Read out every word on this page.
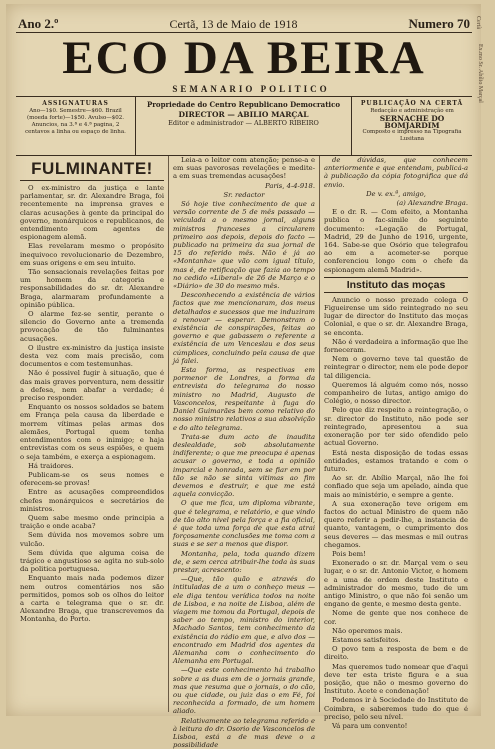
Ano 2.º	Certã, 13 de Maio de 1918	Numero 70
ECO DA BEIRA
SEMANARIO POLITICO
ASSIGNATURAS
Ano—1$0. Semestre—$60. Brazil (moeda forte)—1$50. Avulso—$02.
Anuncios, na 3.ª e 4.ª pagina, 2 centavos a linha ou espaço de linha.
Propriedade do Centro Republicano Democratico
DIRECTOR — ABILIO MARÇAL
Editor e administrador — ALBERTO RIBEIRO
PUBLICAÇÃO NA CERTÃ
Redacção e administração em
SERNACHE DO BOMJARDIM
Composto e impresso na Tipografia Lusitana
FULMINANTE!

O ex-ministro da justiça e lante parlamentar, sr. dr. Alexandre Braga, foi recentemente na imprensa graves e claras acusações à gente da principal do governo, monárquicos e republicanos, de entendimento com agentes de espionagem alemã.

Elas revelaram mesmo o propósito inequivoco revolucionario de Dezembro, em suas origens e em seu intuito.

Tão sensacionais revelações feitas por um homem da categoria e responsabilidades do sr. dr. Alexandre Braga, alarmaram profundamente a opinião pública.

O alarme fez-se sentir, perante o silencio do Governo ante a tremenda provocação de tão fulminantes acusações.

O ilustre ex-ministro da justiça insiste desta vez com mais precisão, com documentos e com testemunhas.

Não é possivel fugir à situação, que é das mais graves porventura, nem dessitir a defesa, nem abafar a verdade; é preciso responder.

Enquanto os nossos soldados se batem em França pela causa da liberdade e morrem vítimas pelas armas dos alemães, Portugal quem tenha entendimentos com o inimigo; e haja entrevistas com os seus espiões, e quem o seja também, e exerça a espionagem.

Há traidores.

Publicam-se os seus nomes e oferecem-se provas!

Entre as acusações compreendidos chefes monárquicos e secretários de ministros.

Quem sabe mesmo onde principia a traição e onde acaba?

Sem dúvida nos movemos sobre um vulcão.

Sem dúvida que alguma coisa de trágico e angustioso se agita no sub-solo da politica portuguesa.

Enquanto mais nada podemos dizer nem outros comentários nos são permitidos, pomos sob os olhos do leitor a carta e telegrama que o sr. dr. Alexandre Braga, que transcrevemos da Montanha, do Porto.

Leia-a o leitor com atenção; pense-a e em suas pavorosas revelações e medite-a em suas tremendas acusações!

Paris, 4-4-918.

Sr. redactor

Só hoje tive conhecimento de que a versão corrente de 5 de mês passado — veiculada a o mesmo jornal, alguns ministros franceses a circularem primeiro aos depois, depois do facto — publicado na primeira da sua jornal de 15 do referido mês. Não é já ao «Montanha» que vão com igual título, mas é, de retificação que fazia ao tempo no cedido «Liberal» de 26 de Março e o «Diário» de 30 do mesmo mês.

Desconhecendo a existência de vários factos que me mencionaram, dos meus detalhados e sucessos que me induziram a renovar — esperar. Demonstram o existência de conspirações, feitas ao governo e que gabassem o referente a existência de um Venceslau e dos seus cúmplices, concluindo pela causa de que já falei.

Esta forma, as respectivas em pormenor de Londres, a forma da entrevista do telegrama do nosso ministro no Madrid, Augusto de Vasconcelos, respeitante à fuga do Daniel Guimarães bem como relativo do nosso ministro relativos a sua absolvição e do alto telegrama.

Trata-se dum acto de inaudita deslealdade, sob absolutamente indiferente; o que me preocupa é apenas acusar o governo, e toda a opinião imparcial e honrada, sem se fiar em por tão se não se sinta vitimas ao fim devemos e destruir, e que me está aquela convicção.

O que me fica, um diploma vibrante, que é telegrama, e relatório, e que vindo de tão alto nível pela força e a fia oficial, é que toda uma força de que esta atrai forçosamente conclusões me toma com a suas e se ser a menos que dispor.

Montanha, pela, toda quando dizem de, e sem cerca atribuir-lhe toda às suas prestar, acrescento:

—Que, tão quão e através do intituladas de a um o conheço meus — ele diga tentou verídica todos na noite de Lisboa, e na noite de Lisboa, além de viagem me tomou da Portugal, depois de saber ao tempo, ministro do interior, Machado Santos, tem conhecimento da existência do rádio em que, e alvo dos — encontrado em Madrid dos agentes da Alemanha com o conhecimento do Alemanha em Portugal.

—Que este conhecimento há trabalho sobre a as duas em de o jornais grande, mas que resuma que o jornais, o do cão, ou que cidade, ou juiz das o em Fé, foi reconhecida a formado, de um homem aliado.

Relativamente ao telegrama referido e à leitura do dr. Osorio de Vasconcelos de Lisboa, está a de mas deve o a possibilidade

de dúvidas, que conhecem anteriormente e que entendam, publicá-a à publicação da cópia fotográfica que dá envio.

De v. ex.ª, amigo,

(a) Alexandre Braga.

E o dr. R. — Com efeito, a Montanha publica o fac-simile do seguinte documento: «Legação de Portugal, Madrid, 29 de Junho de 1916, urgente, 164. Sabe-se que Osório que telegrafou ao em a acometer-se porque conferenciou longo com o chefe da espionagem alemã Madrid».

Instituto das moças

Anuncio o nosso prezado colega O Figueirense um sido reintegrado no seu lugar de director do Instituto das moças Colonial, e que o sr. dr. Alexandre Braga, se enconta.

Não é verdadeira a informação que lhe forneceram.

Nem o governo teve tal questão de reintegrar o director, nem ele pode depor tal diligencia.

Queremos lá alguém como nós, nosso companheiro de lutas, antigo amigo do Colégio, o nosso director.

Pelo que diz respeito a reintegração, o sr. director do Instituto, não pode ser reintegrado, apresentou a sua exoneração por ter sido ofendido pelo actual Governo.

Está nesta disposição de todas essas entidades, estamos tratando e com o futuro.

Ao sr. dr. Abílio Marçal, não lhe foi confiado que seja um apelado, ainda que mais ao ministério, e sempre a gente.

A sua exoneração teve origem em factos do actual Ministro de quem não quero referir a pedir-lhe, a instancia de quanto, vantagem, o cumprimento dos seus deveres — das mesmas e mil outras chegamos.

Pois bem!

Exonerado o sr. dr. Marçal vem o seu lugar, e o sr. dr. Antonio Victor, e homem e a uma de ordem deste Instituto e administrador do mesmo, tudo de um antigo Ministro, o que não foi senão um engano de gente, e mesmo desta gente.

Nome de gente que nos conhece de cor.

Não operemos mais.

Estamos satisfeitos.

O povo tem a resposta de bem e de direito.

Mas queremos tudo nomear que d'aqui deve ter esta triste figura e a sua posição, que não o mesmo governo do Instituto. Acete e condenação!

Podemos ir à Sociedade do Instituto de Coimbra, e saberemos tudo do que é preciso, pelo seu nível.

Vá para um convento!

Certã
Ex.mo Sr. Abílio Marçal
